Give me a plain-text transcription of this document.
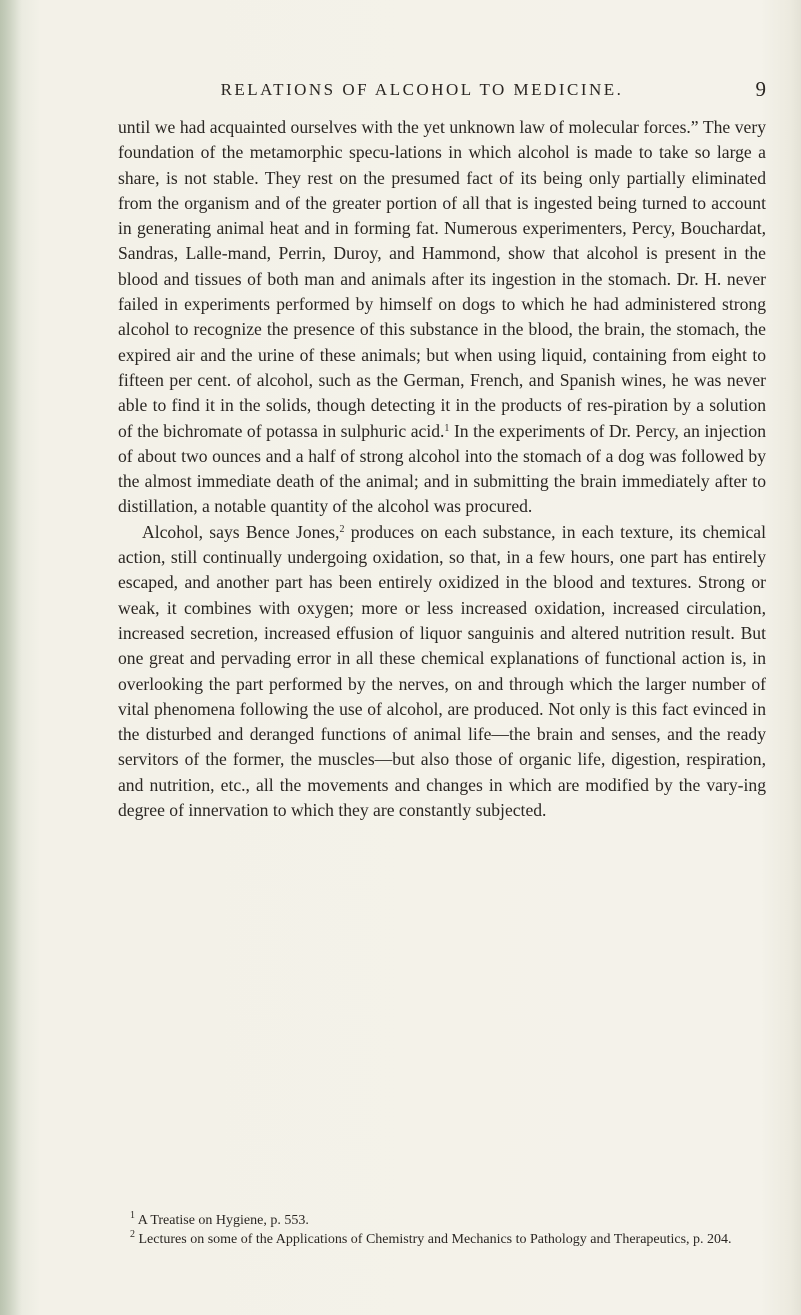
RELATIONS OF ALCOHOL TO MEDICINE.	9

until we had acquainted ourselves with the yet unknown law of molecular forces.” The very foundation of the metamorphic specu-lations in which alcohol is made to take so large a share, is not stable. They rest on the presumed fact of its being only partially eliminated from the organism and of the greater portion of all that is ingested being turned to account in generating animal heat and in forming fat. Numerous experimenters, Percy, Bouchardat, Sandras, Lalle-mand, Perrin, Duroy, and Hammond, show that alcohol is present in the blood and tissues of both man and animals after its ingestion in the stomach. Dr. H. never failed in experiments performed by himself on dogs to which he had administered strong alcohol to recognize the presence of this substance in the blood, the brain, the stomach, the expired air and the urine of these animals; but when using liquid, containing from eight to fifteen per cent. of alcohol, such as the German, French, and Spanish wines, he was never able to find it in the solids, though detecting it in the products of res-piration by a solution of the bichromate of potassa in sulphuric acid.$^1$ In the experiments of Dr. Percy, an injection of about two ounces and a half of strong alcohol into the stomach of a dog was followed by the almost immediate death of the animal; and in submitting the brain immediately after to distillation, a notable quantity of the alcohol was procured.

Alcohol, says Bence Jones,$^2$ produces on each substance, in each texture, its chemical action, still continually undergoing oxidation, so that, in a few hours, one part has entirely escaped, and another part has been entirely oxidized in the blood and textures. Strong or weak, it combines with oxygen; more or less increased oxidation, increased circulation, increased secretion, increased effusion of liquor sanguinis and altered nutrition result. But one great and pervading error in all these chemical explanations of functional action is, in overlooking the part performed by the nerves, on and through which the larger number of vital phenomena following the use of alcohol, are produced. Not only is this fact evinced in the disturbed and deranged functions of animal life—the brain and senses, and the ready servitors of the former, the muscles—but also those of organic life, digestion, respiration, and nutrition, etc., all the movements and changes in which are modified by the vary-ing degree of innervation to which they are constantly subjected.

$^1$ A Treatise on Hygiene, p. 553.

$^2$ Lectures on some of the Applications of Chemistry and Mechanics to Pathology and Therapeutics, p. 204.
